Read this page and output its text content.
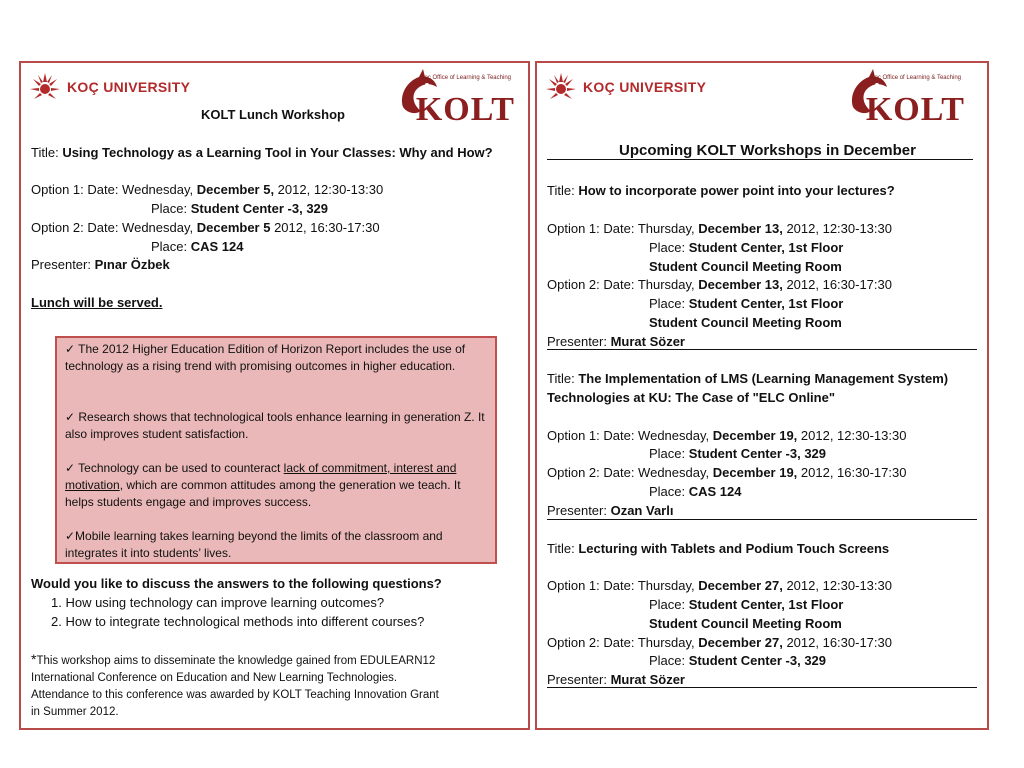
KOÇ UNIVERSITY
Koc Office of Learning & Teaching
KOLT
KOLT Lunch Workshop
Title: Using Technology as a Learning Tool in Your Classes: Why and How?
Option 1: Date: Wednesday, December 5, 2012, 12:30-13:30
Place: Student Center -3, 329
Option 2: Date: Wednesday, December 5 2012, 16:30-17:30
Place: CAS 124
Presenter: Pınar Özbek
Lunch will be served.

✓ The 2012 Higher Education Edition of Horizon Report includes the use of technology as a rising trend with promising outcomes in higher education.

✓ Research shows that technological tools enhance learning in generation Z. It also improves student satisfaction.

✓ Technology can be used to counteract lack of commitment, interest and motivation, which are common attitudes among the generation we teach. It helps students engage and improves success.

✓Mobile learning takes learning beyond the limits of the classroom and integrates it into students’ lives.

Would you like to discuss the answers to the following questions?
1. How using technology can improve learning outcomes?
2. How to integrate technological methods into different courses?
*This workshop aims to disseminate the knowledge gained from EDULEARN12
International Conference on Education and New Learning Technologies.
Attendance to this conference was awarded by KOLT Teaching Innovation Grant
in Summer 2012.
KOÇ UNIVERSITY
Koc Office of Learning & Teaching
KOLT
Upcoming KOLT Workshops in December
Title: How to incorporate power point into your lectures?
Option 1: Date: Thursday, December 13, 2012, 12:30-13:30
Place: Student Center, 1st Floor
Student Council Meeting Room
Option 2: Date: Thursday, December 13, 2012, 16:30-17:30
Place: Student Center, 1st Floor
Student Council Meeting Room
Presenter: Murat Sözer
Title: The Implementation of LMS (Learning Management System)
Technologies at KU: The Case of "ELC Online"
Option 1: Date: Wednesday, December 19, 2012, 12:30-13:30
Place: Student Center -3, 329
Option 2: Date: Wednesday, December 19, 2012, 16:30-17:30
Place: CAS 124
Presenter: Ozan Varlı
Title: Lecturing with Tablets and Podium Touch Screens
Option 1: Date: Thursday, December 27, 2012, 12:30-13:30
Place: Student Center, 1st Floor
Student Council Meeting Room
Option 2: Date: Thursday, December 27, 2012, 16:30-17:30
Place: Student Center -3, 329
Presenter: Murat Sözer
